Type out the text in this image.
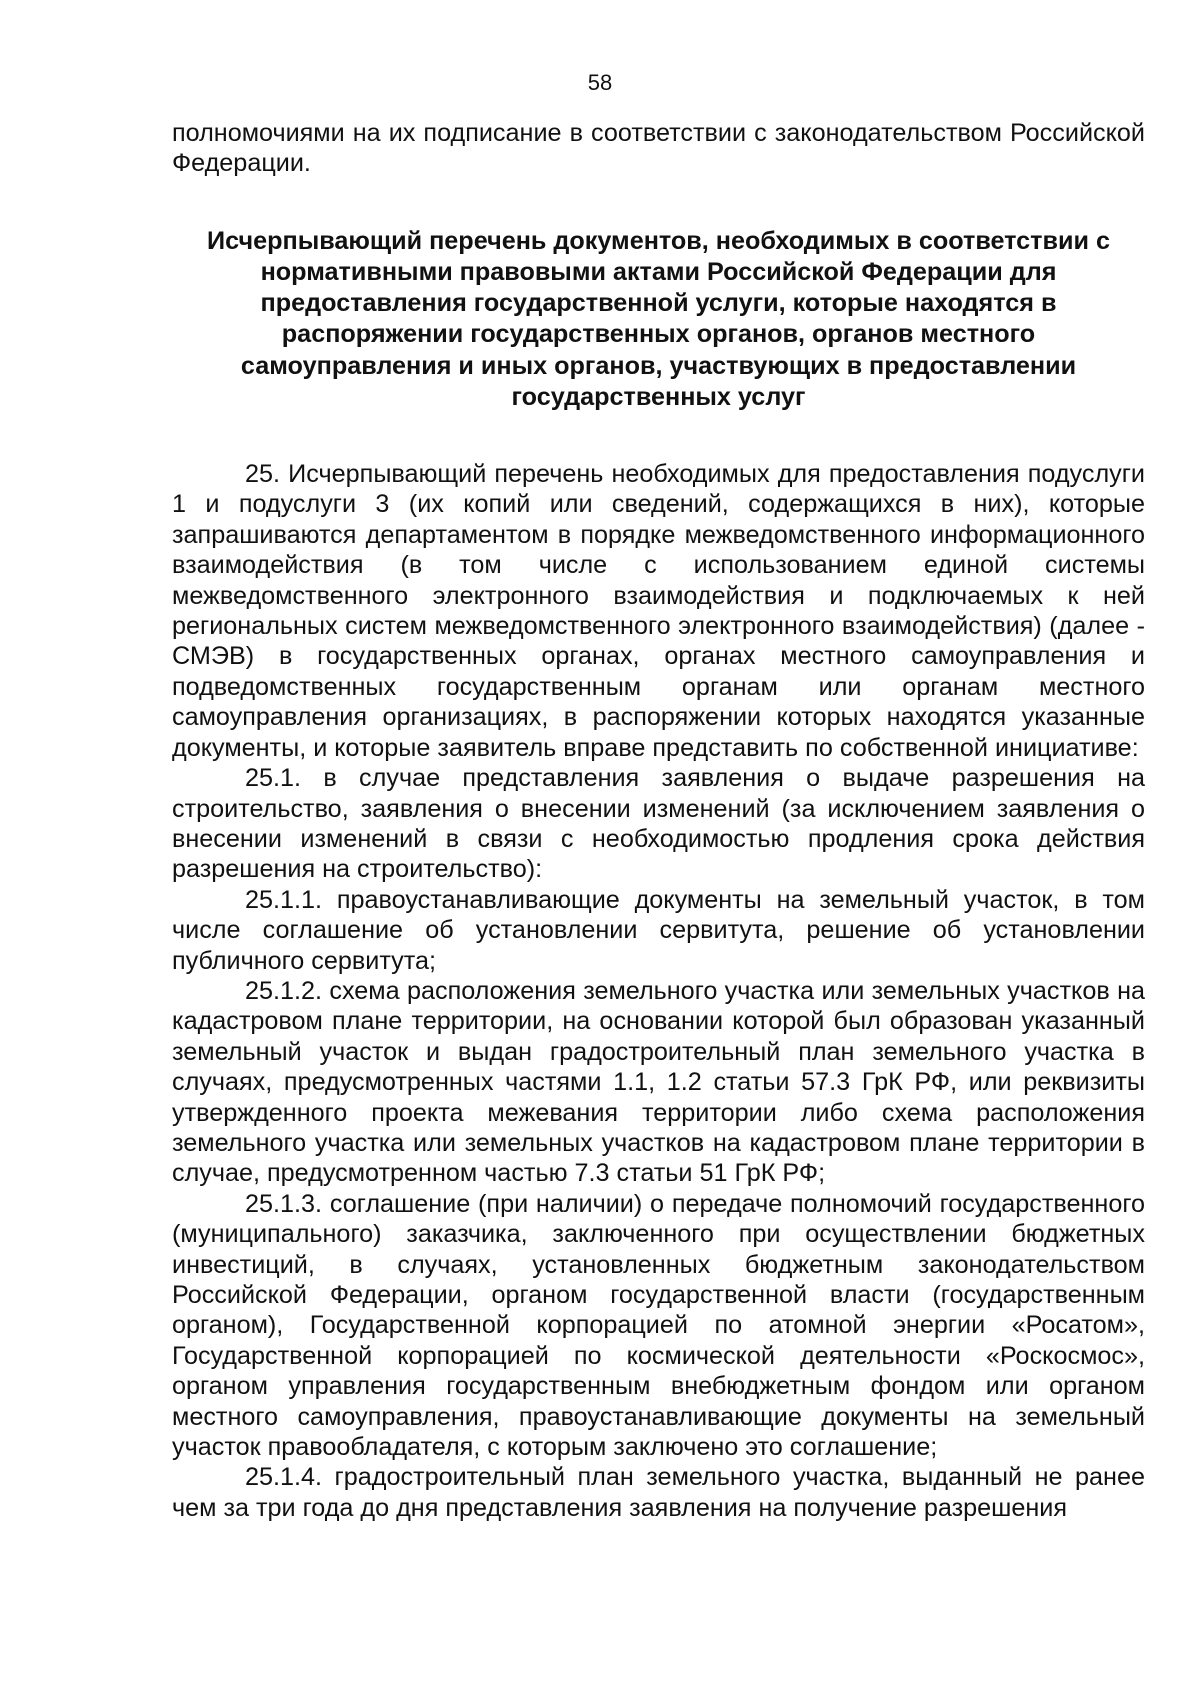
58

полномочиями на их подписание в соответствии с законодательством Российской Федерации.

Исчерпывающий перечень документов, необходимых в соответствии с нормативными правовыми актами Российской Федерации для предоставления государственной услуги, которые находятся в распоряжении государственных органов, органов местного самоуправления и иных органов, участвующих в предоставлении государственных услуг

25. Исчерпывающий перечень необходимых для предоставления подуслуги 1 и подуслуги 3 (их копий или сведений, содержащихся в них), которые запрашиваются департаментом в порядке межведомственного информационного взаимодействия (в том числе с использованием единой системы межведомственного электронного взаимодействия и подключаемых к ней региональных систем межведомственного электронного взаимодействия) (далее - СМЭВ) в государственных органах, органах местного самоуправления и подведомственных государственным органам или органам местного самоуправления организациях, в распоряжении которых находятся указанные документы, и которые заявитель вправе представить по собственной инициативе:

25.1. в случае представления заявления о выдаче разрешения на строительство, заявления о внесении изменений (за исключением заявления о внесении изменений в связи с необходимостью продления срока действия разрешения на строительство):

25.1.1. правоустанавливающие документы на земельный участок, в том числе соглашение об установлении сервитута, решение об установлении публичного сервитута;

25.1.2. схема расположения земельного участка или земельных участков на кадастровом плане территории, на основании которой был образован указанный земельный участок и выдан градостроительный план земельного участка в случаях, предусмотренных частями 1.1, 1.2 статьи 57.3 ГрК РФ, или реквизиты утвержденного проекта межевания территории либо схема расположения земельного участка или земельных участков на кадастровом плане территории в случае, предусмотренном частью 7.3 статьи 51 ГрК РФ;

25.1.3. соглашение (при наличии) о передаче полномочий государственного (муниципального) заказчика, заключенного при осуществлении бюджетных инвестиций, в случаях, установленных бюджетным законодательством Российской Федерации, органом государственной власти (государственным органом), Государственной корпорацией по атомной энергии «Росатом», Государственной корпорацией по космической деятельности «Роскосмос», органом управления государственным внебюджетным фондом или органом местного самоуправления, правоустанавливающие документы на земельный участок правообладателя, с которым заключено это соглашение;

25.1.4. градостроительный план земельного участка, выданный не ранее чем за три года до дня представления заявления на получение разрешения
